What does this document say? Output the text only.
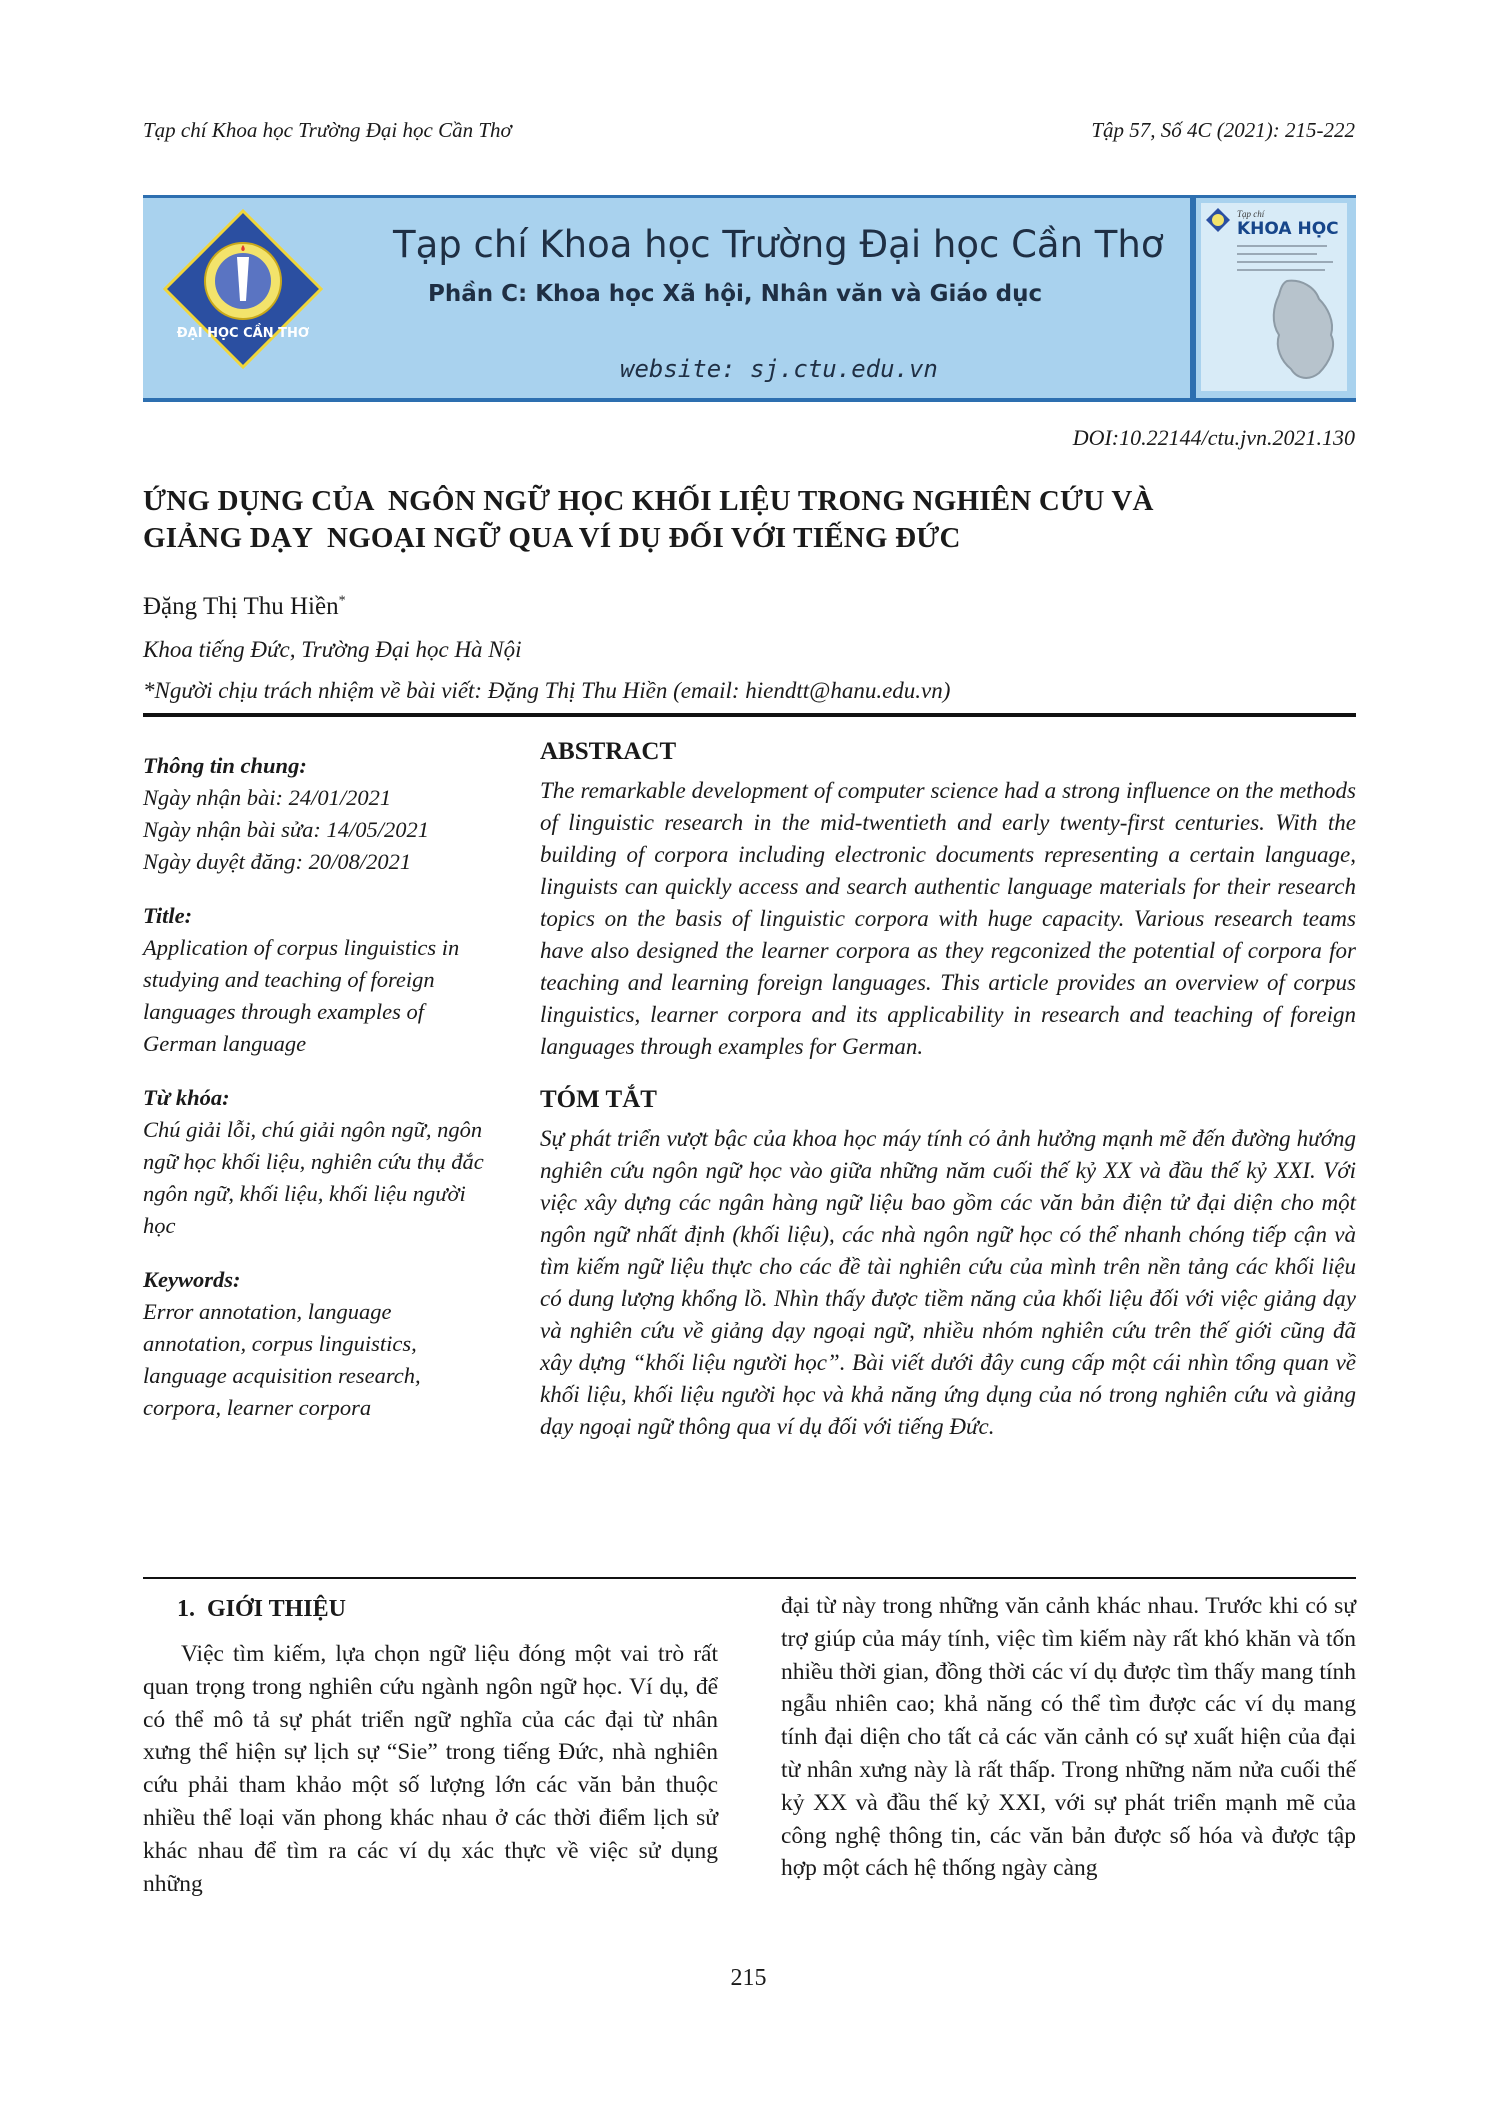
Tạp chí Khoa học Trường Đại học Cần Thơ	Tập 57, Số 4C (2021): 215-222
ĐẠI HỌC CẦN THƠ
Tạp chí Khoa học Trường Đại học Cần Thơ
Phần C: Khoa học Xã hội, Nhân văn và Giáo dục
website: sj.ctu.edu.vn
Tạp chí
KHOA HỌC
DOI:10.22144/ctu.jvn.2021.130
ỨNG DỤNG CỦA  NGÔN NGỮ HỌC KHỐI LIỆU TRONG NGHIÊN CỨU VÀ
GIẢNG DẠY  NGOẠI NGỮ QUA VÍ DỤ ĐỐI VỚI TIẾNG ĐỨC
Đặng Thị Thu Hiền*
Khoa tiếng Đức, Trường Đại học Hà Nội
*Người chịu trách nhiệm về bài viết: Đặng Thị Thu Hiền (email: hiendtt@hanu.edu.vn)
Thông tin chung:
Ngày nhận bài: 24/01/2021
Ngày nhận bài sửa: 14/05/2021
Ngày duyệt đăng: 20/08/2021
Title:
Application of corpus linguistics in studying and teaching of foreign languages through examples of German language
Từ khóa:
Chú giải lỗi, chú giải ngôn ngữ, ngôn ngữ học khối liệu, nghiên cứu thụ đắc ngôn ngữ, khối liệu, khối liệu người học
Keywords:
Error annotation, language annotation, corpus linguistics, language acquisition research, corpora, learner corpora
ABSTRACT
The remarkable development of computer science had a strong influence on the methods of linguistic research in the mid-twentieth and early twenty-first centuries. With the building of corpora including electronic documents representing a certain language, linguists can quickly access and search authentic language materials for their research topics on the basis of linguistic corpora with huge capacity. Various research teams have also designed the learner corpora as they regconized the potential of corpora for teaching and learning foreign languages. This article provides an overview of corpus linguistics, learner corpora and its applicability in research and teaching of foreign languages through examples for German.
TÓM TẮT
Sự phát triển vượt bậc của khoa học máy tính có ảnh hưởng mạnh mẽ đến đường hướng nghiên cứu ngôn ngữ học vào giữa những năm cuối thế kỷ XX và đầu thế kỷ XXI. Với việc xây dựng các ngân hàng ngữ liệu bao gồm các văn bản điện tử đại diện cho một ngôn ngữ nhất định (khối liệu), các nhà ngôn ngữ học có thể nhanh chóng tiếp cận và tìm kiếm ngữ liệu thực cho các đề tài nghiên cứu của mình trên nền tảng các khối liệu có dung lượng khổng lồ. Nhìn thấy được tiềm năng của khối liệu đối với việc giảng dạy và nghiên cứu về giảng dạy ngoại ngữ, nhiều nhóm nghiên cứu trên thế giới cũng đã xây dựng “khối liệu người học”. Bài viết dưới đây cung cấp một cái nhìn tổng quan về khối liệu, khối liệu người học và khả năng ứng dụng của nó trong nghiên cứu và giảng dạy ngoại ngữ thông qua ví dụ đối với tiếng Đức.
1.  GIỚI THIỆU

Việc tìm kiếm, lựa chọn ngữ liệu đóng một vai trò rất quan trọng trong nghiên cứu ngành ngôn ngữ học. Ví dụ, để có thể mô tả sự phát triển ngữ nghĩa của các đại từ nhân xưng thể hiện sự lịch sự “Sie” trong tiếng Đức, nhà nghiên cứu phải tham khảo một số lượng lớn các văn bản thuộc nhiều thể loại văn phong khác nhau ở các thời điểm lịch sử khác nhau để tìm ra các ví dụ xác thực về việc sử dụng những

đại từ này trong những văn cảnh khác nhau. Trước khi có sự trợ giúp của máy tính, việc tìm kiếm này rất khó khăn và tốn nhiều thời gian, đồng thời các ví dụ được tìm thấy mang tính ngẫu nhiên cao; khả năng có thể tìm được các ví dụ mang tính đại diện cho tất cả các văn cảnh có sự xuất hiện của đại từ nhân xưng này là rất thấp. Trong những năm nửa cuối thế kỷ XX và đầu thế kỷ XXI, với sự phát triển mạnh mẽ của công nghệ thông tin, các văn bản được số hóa và được tập hợp một cách hệ thống ngày càng

215
